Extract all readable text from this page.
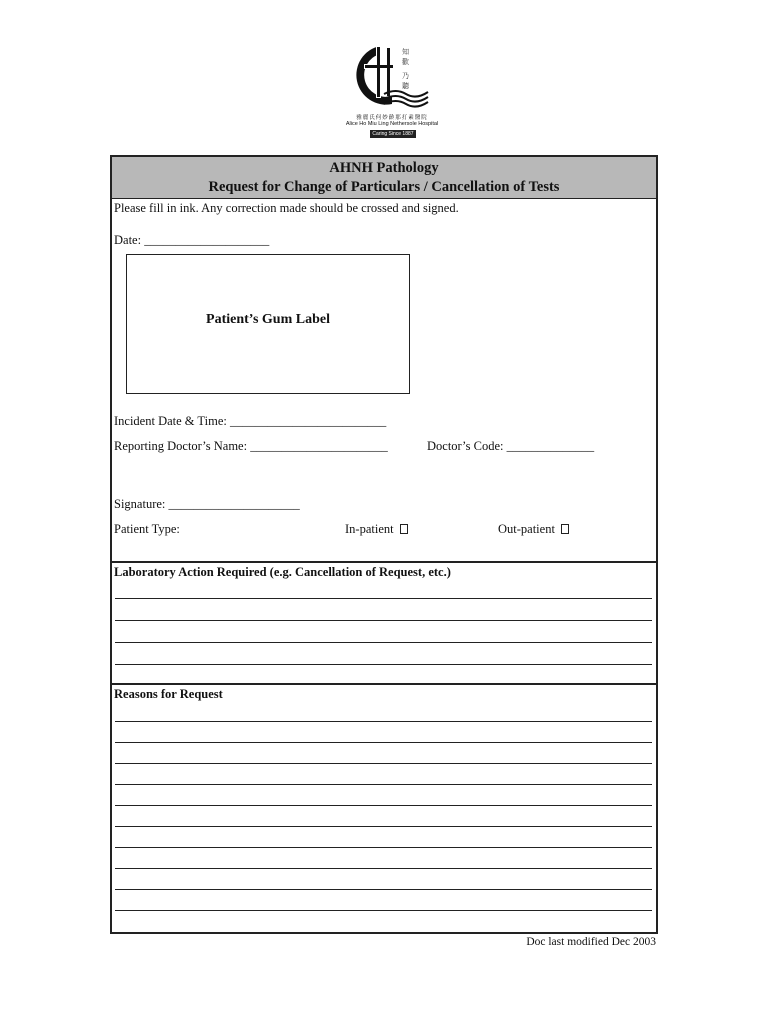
知
歡
乃
聽
雅麗氏何妙齡那打素醫院
Alice Ho Miu Ling Nethersole Hospital
Caring Since 1887
AHNH Pathology
Request for Change of Particulars / Cancellation of Tests
Please fill in ink. Any correction made should be crossed and signed.
Date: ____________________
Patient’s Gum Label
Incident Date & Time: _________________________
Reporting Doctor’s Name: ______________________	Doctor’s Code: ______________
Signature: _____________________
Patient Type:	In-patient	Out-patient
Laboratory Action Required (e.g. Cancellation of Request, etc.)
Reasons for Request
Doc last modified Dec 2003
